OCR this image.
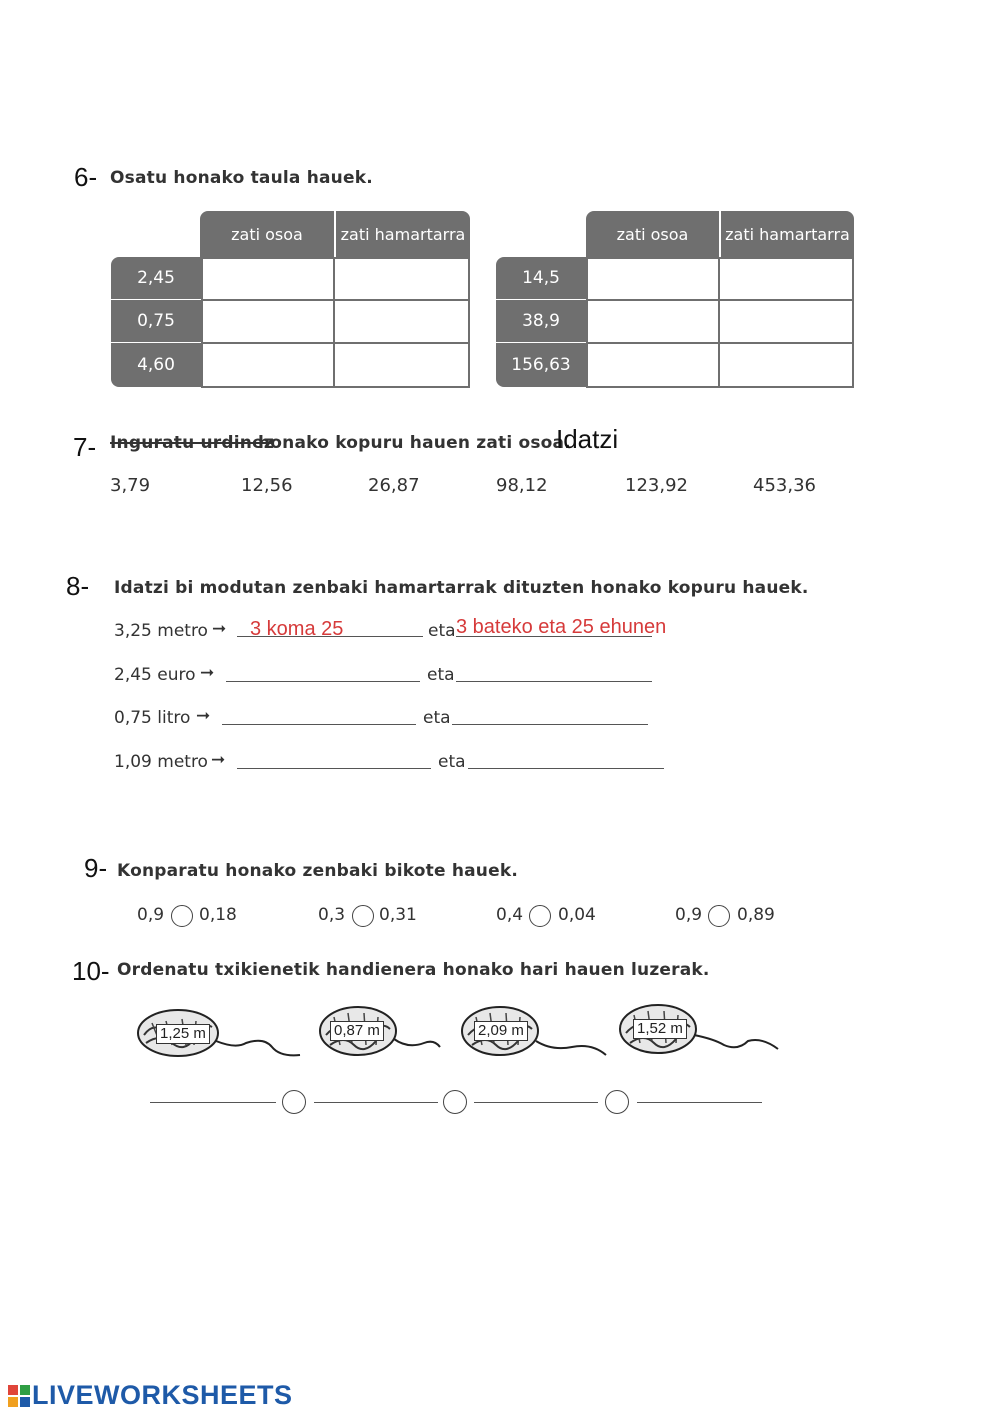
6- Osatu honako taula hauek.
zati osoa	zati hamartarra
2,45
0,75
4,60
zati osoa	zati hamartarra
14,5
38,9
156,63
7- Inguratu urdinez
honako kopuru hauen zati osoa.
Idatzi
3,79	12,56	26,87	98,12	123,92	453,36
8- Idatzi bi modutan zenbaki hamartarrak dituzten honako kopuru hauek.
3,25 metro ➞ 3 koma 25	eta 3 bateko eta 25 ehunen
2,45 euro ➞	eta
0,75 litro ➞	eta
1,09 metro ➞	eta
9- Konparatu honako zenbaki bikote hauek.
0,9 0,18	0,3 0,31	0,4 0,04	0,9 0,89
10- Ordenatu txikienetik handienera honako hari hauen luzerak.
1,25 m	0,87 m	2,09 m	1,52 m
LIVEWORKSHEETS
